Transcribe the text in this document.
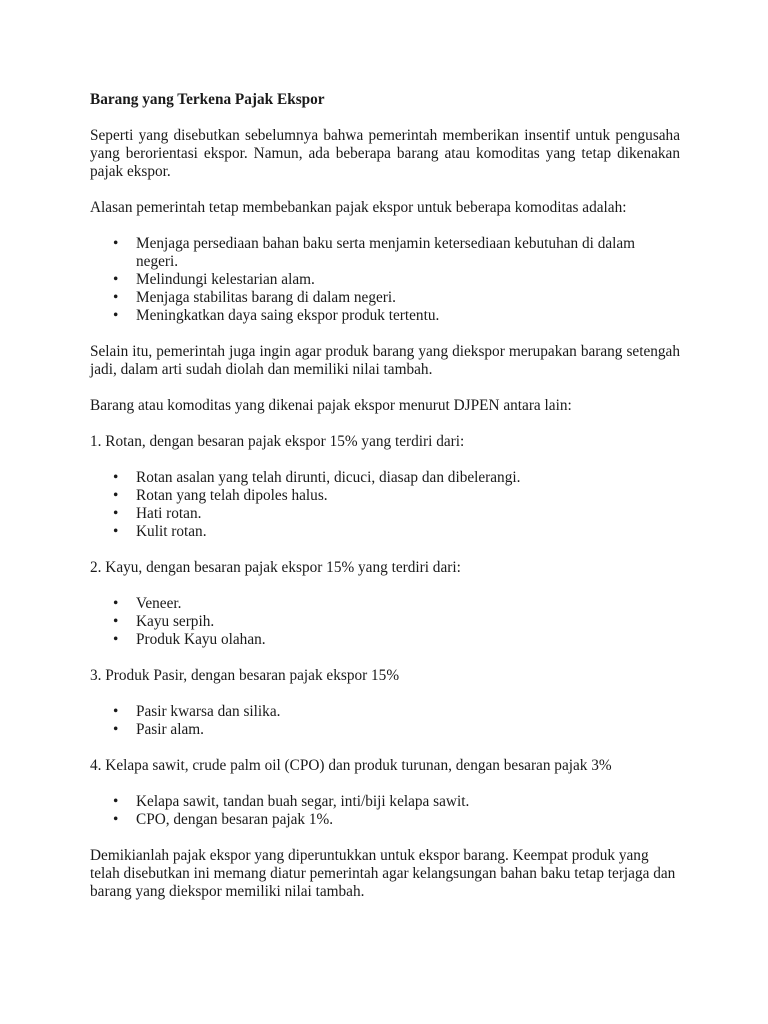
Barang yang Terkena Pajak Ekspor

Seperti yang disebutkan sebelumnya bahwa pemerintah memberikan insentif untuk pengusaha yang berorientasi ekspor. Namun, ada beberapa barang atau komoditas yang tetap dikenakan pajak ekspor.

Alasan pemerintah tetap membebankan pajak ekspor untuk beberapa komoditas adalah:

• Menjaga persediaan bahan baku serta menjamin ketersediaan kebutuhan di dalam negeri.
• Melindungi kelestarian alam.
• Menjaga stabilitas barang di dalam negeri.
• Meningkatkan daya saing ekspor produk tertentu.

Selain itu, pemerintah juga ingin agar produk barang yang diekspor merupakan barang setengah jadi, dalam arti sudah diolah dan memiliki nilai tambah.

Barang atau komoditas yang dikenai pajak ekspor menurut DJPEN antara lain:

1. Rotan, dengan besaran pajak ekspor 15% yang terdiri dari:

• Rotan asalan yang telah dirunti, dicuci, diasap dan dibelerangi.
• Rotan yang telah dipoles halus.
• Hati rotan.
• Kulit rotan.

2. Kayu, dengan besaran pajak ekspor 15% yang terdiri dari:

• Veneer.
• Kayu serpih.
• Produk Kayu olahan.

3. Produk Pasir, dengan besaran pajak ekspor 15%

• Pasir kwarsa dan silika.
• Pasir alam.

4. Kelapa sawit, crude palm oil (CPO) dan produk turunan, dengan besaran pajak 3%

• Kelapa sawit, tandan buah segar, inti/biji kelapa sawit.
• CPO, dengan besaran pajak 1%.

Demikianlah pajak ekspor yang diperuntukkan untuk ekspor barang. Keempat produk yang telah disebutkan ini memang diatur pemerintah agar kelangsungan bahan baku tetap terjaga dan barang yang diekspor memiliki nilai tambah.
